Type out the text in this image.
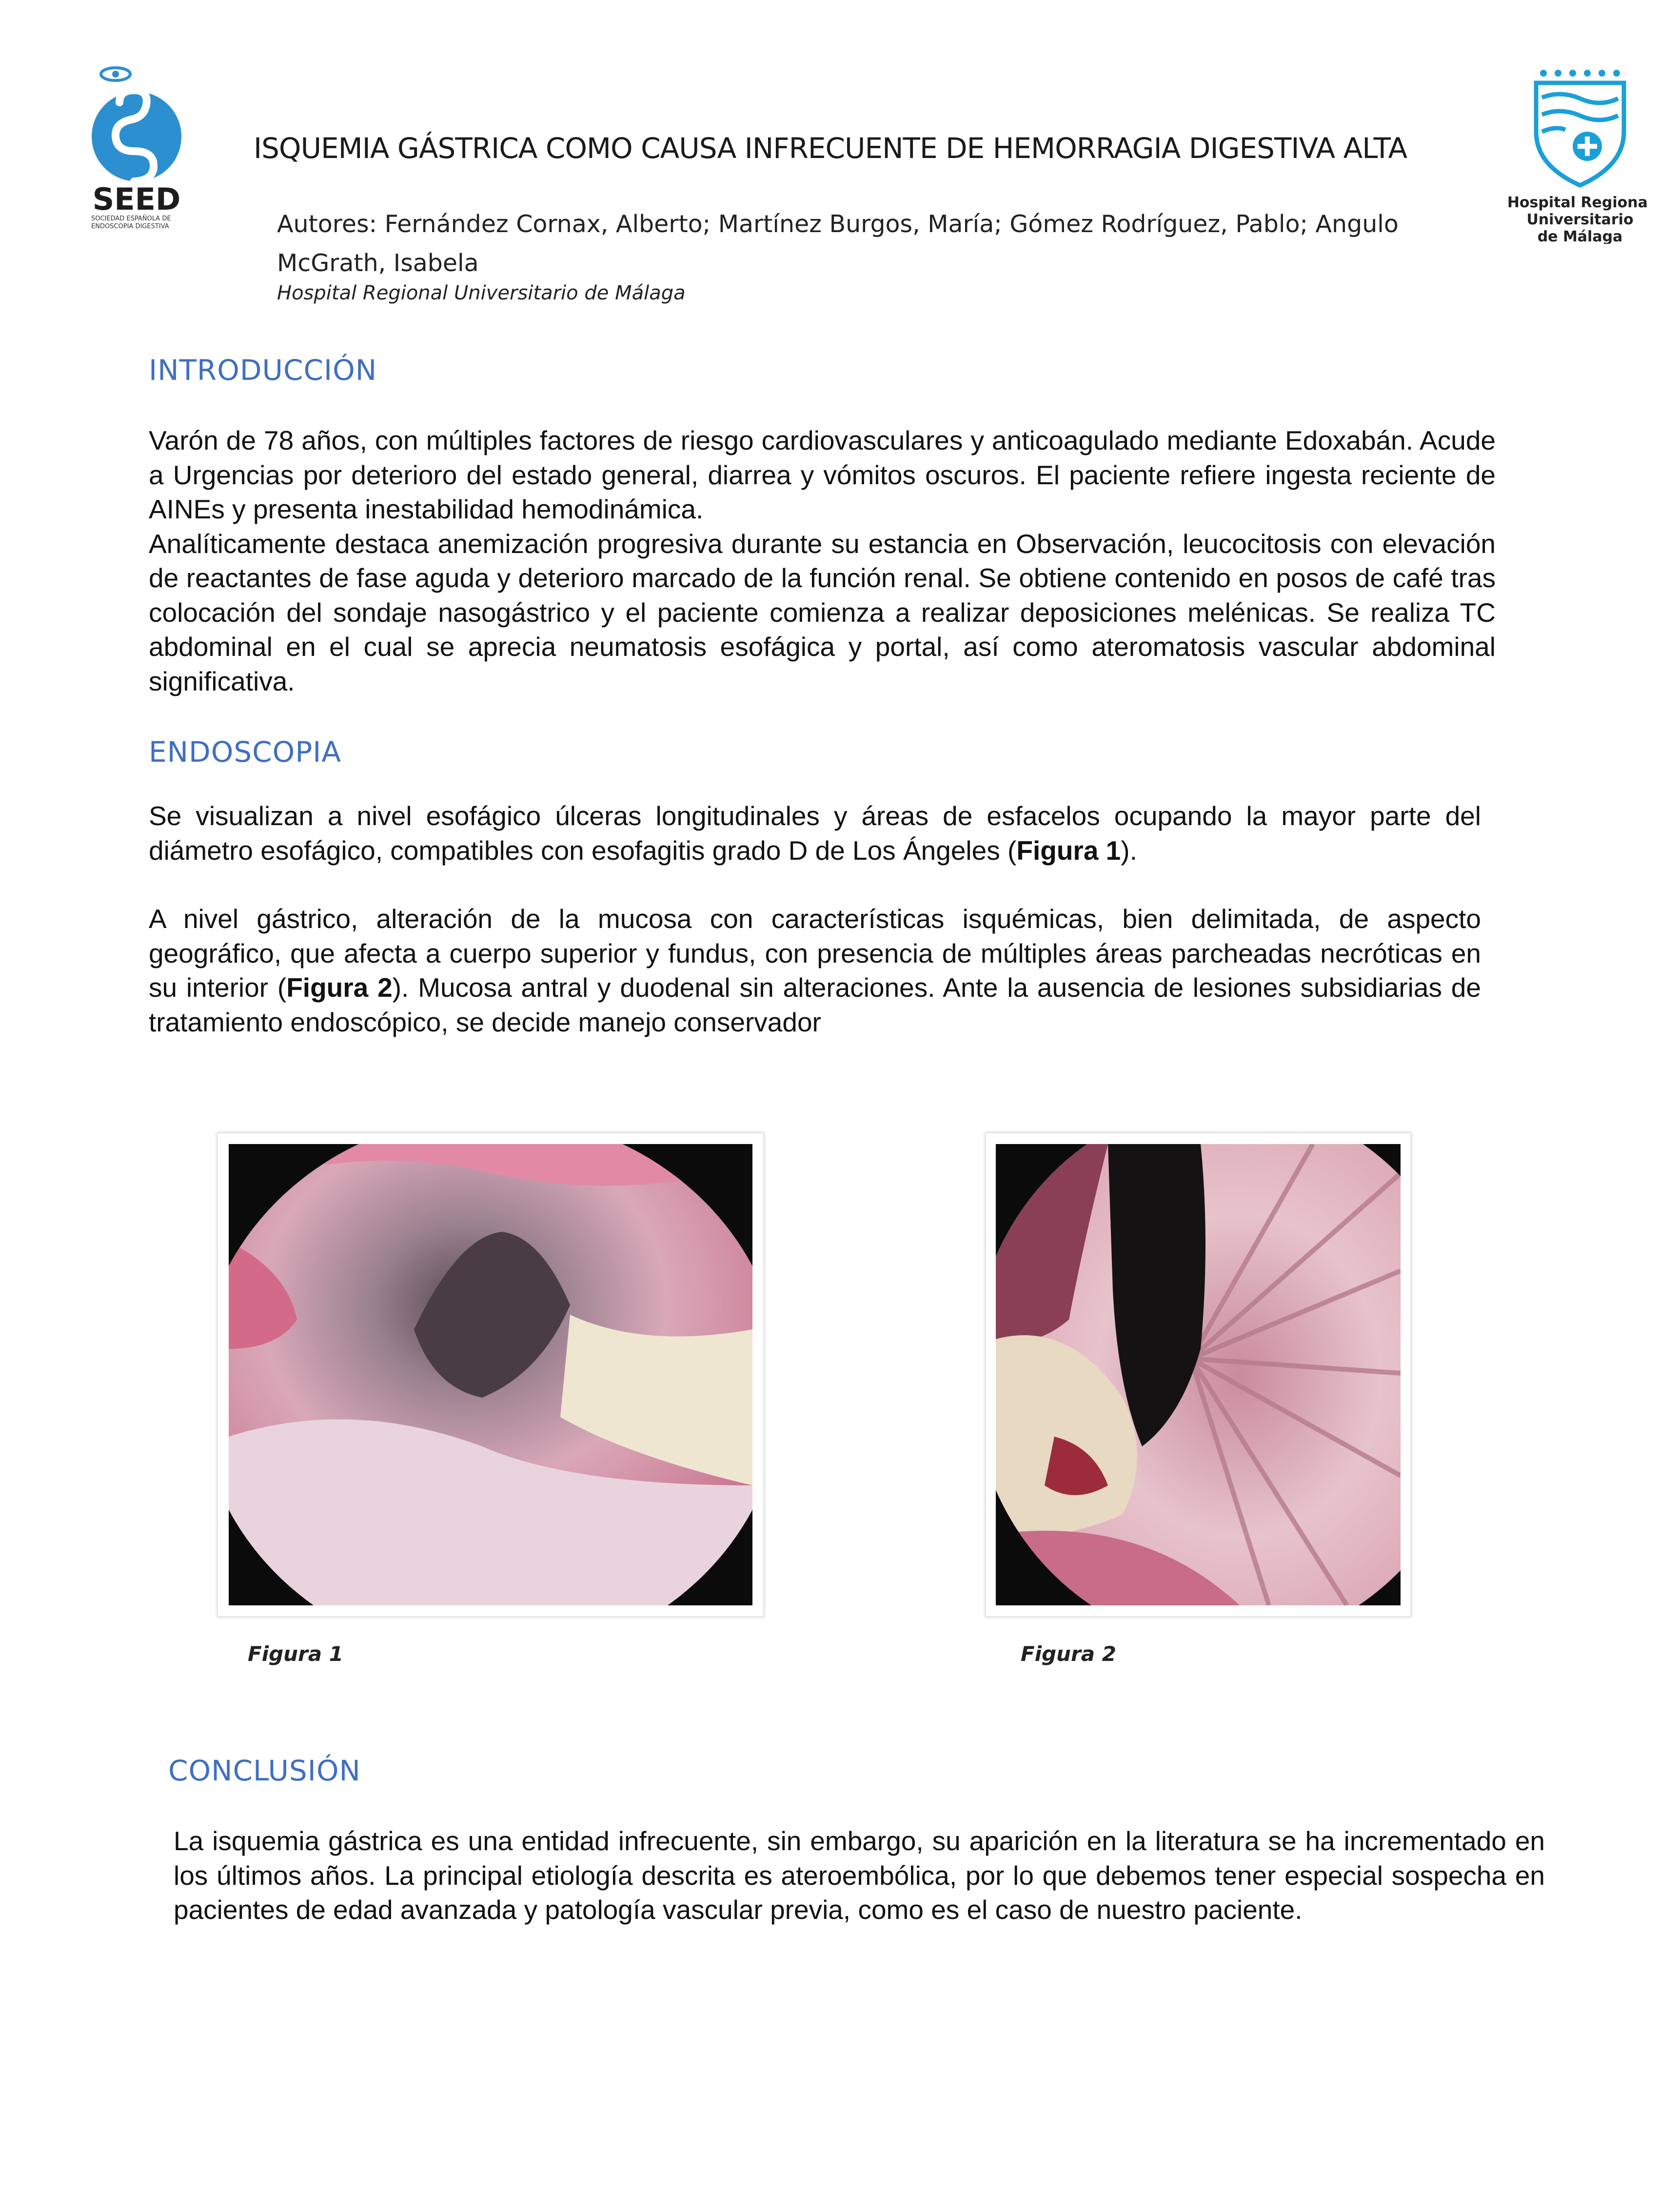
SEED
SOCIEDAD ESPAÑOLA DE
ENDOSCOPIA DIGESTIVA
Hospital Regional
Universitario
de Málaga
ISQUEMIA GÁSTRICA COMO CAUSA INFRECUENTE DE HEMORRAGIA DIGESTIVA ALTA
Autores: Fernández Cornax, Alberto; Martínez Burgos, María; Gómez Rodríguez, Pablo; Angulo McGrath, Isabela
Hospital Regional Universitario de Málaga
INTRODUCCIÓN

Varón de 78 años, con múltiples factores de riesgo cardiovasculares y anticoagulado mediante Edoxabán. Acude a Urgencias por deterioro del estado general, diarrea y vómitos oscuros. El paciente refiere ingesta reciente de AINEs y presenta inestabilidad hemodinámica.

Analíticamente destaca anemización progresiva durante su estancia en Observación, leucocitosis con elevación de reactantes de fase aguda y deterioro marcado de la función renal. Se obtiene contenido en posos de café tras colocación del sondaje nasogástrico y el paciente comienza a realizar deposiciones melénicas. Se realiza TC abdominal en el cual se aprecia neumatosis esofágica y portal, así como ateromatosis vascular abdominal significativa.

ENDOSCOPIA

Se visualizan a nivel esofágico úlceras longitudinales y áreas de esfacelos ocupando la mayor parte del diámetro esofágico, compatibles con esofagitis grado D de Los Ángeles (Figura 1).

A nivel gástrico, alteración de la mucosa con características isquémicas, bien delimitada, de aspecto geográfico, que afecta a cuerpo superior y fundus, con presencia de múltiples áreas parcheadas necróticas en su interior (Figura 2). Mucosa antral y duodenal sin alteraciones. Ante la ausencia de lesiones subsidiarias de tratamiento endoscópico, se decide manejo conservador

Figura 1	Figura 2
CONCLUSIÓN

La isquemia gástrica es una entidad infrecuente, sin embargo, su aparición en la literatura se ha incrementado en los últimos años. La principal etiología descrita es ateroembólica, por lo que debemos tener especial sospecha en pacientes de edad avanzada y patología vascular previa, como es el caso de nuestro paciente.
